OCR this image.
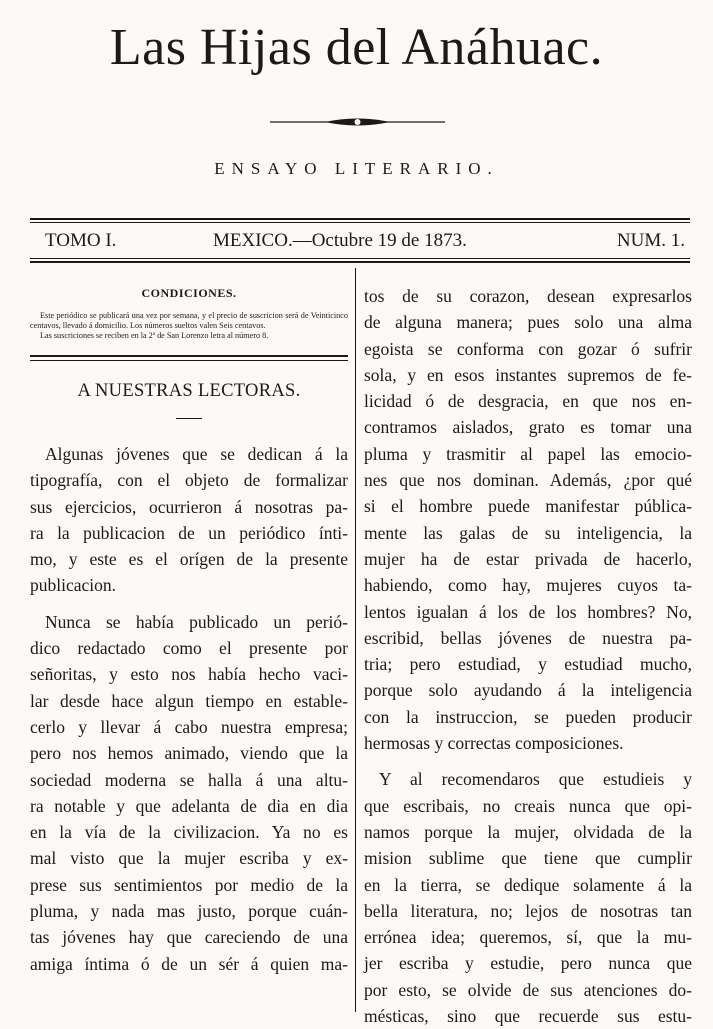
Las Hijas del Anáhuac.
ENSAYO LITERARIO.
TOMO I.	MEXICO.—Octubre 19 de 1873.	NUM. 1.
CONDICIONES.

Este periódico se publicará una vez por semana, y el precio de suscricion será de Veinticinco centavos, llevado á domicilio. Los números sueltos valen Seis centavos.

Las suscriciones se reciben en la 2ª de San Lorenzo letra al número 8.

A NUESTRAS LECTORAS.
Algunas jóvenes que se dedican á la
tipografía, con el objeto de formalizar
sus ejercicios, ocurrieron á nosotras pa-
ra la publicacion de un periódico ínti-
mo, y este es el orígen de la presente
publicacion.
Nunca se había publicado un perió-
dico redactado como el presente por
señoritas, y esto nos había hecho vaci-
lar desde hace algun tiempo en estable-
cerlo y llevar á cabo nuestra empresa;
pero nos hemos animado, viendo que la
sociedad moderna se halla á una altu-
ra notable y que adelanta de dia en dia
en la vía de la civilizacion. Ya no es
mal visto que la mujer escriba y ex-
prese sus sentimientos por medio de la
pluma, y nada mas justo, porque cuán-
tas jóvenes hay que careciendo de una
amiga íntima ó de un sér á quien ma-
tos de su corazon, desean expresarlos
de alguna manera; pues solo una alma
egoista se conforma con gozar ó sufrir
sola, y en esos instantes supremos de fe-
licidad ó de desgracia, en que nos en-
contramos aislados, grato es tomar una
pluma y trasmitir al papel las emocio-
nes que nos dominan. Además, ¿por qué
si el hombre puede manifestar pública-
mente las galas de su inteligencia, la
mujer ha de estar privada de hacerlo,
habiendo, como hay, mujeres cuyos ta-
lentos igualan á los de los hombres? No,
escribid, bellas jóvenes de nuestra pa-
tria; pero estudiad, y estudiad mucho,
porque solo ayudando á la inteligencia
con la instruccion, se pueden producir
hermosas y correctas composiciones.
Y al recomendaros que estudieis y
que escribais, no creais nunca que opi-
namos porque la mujer, olvidada de la
mision sublime que tiene que cumplir
en la tierra, se dedique solamente á la
bella literatura, no; lejos de nosotras tan
errónea idea; queremos, sí, que la mu-
jer escriba y estudie, pero nunca que
por esto, se olvide de sus atenciones do-
mésticas, sino que recuerde sus estu-
